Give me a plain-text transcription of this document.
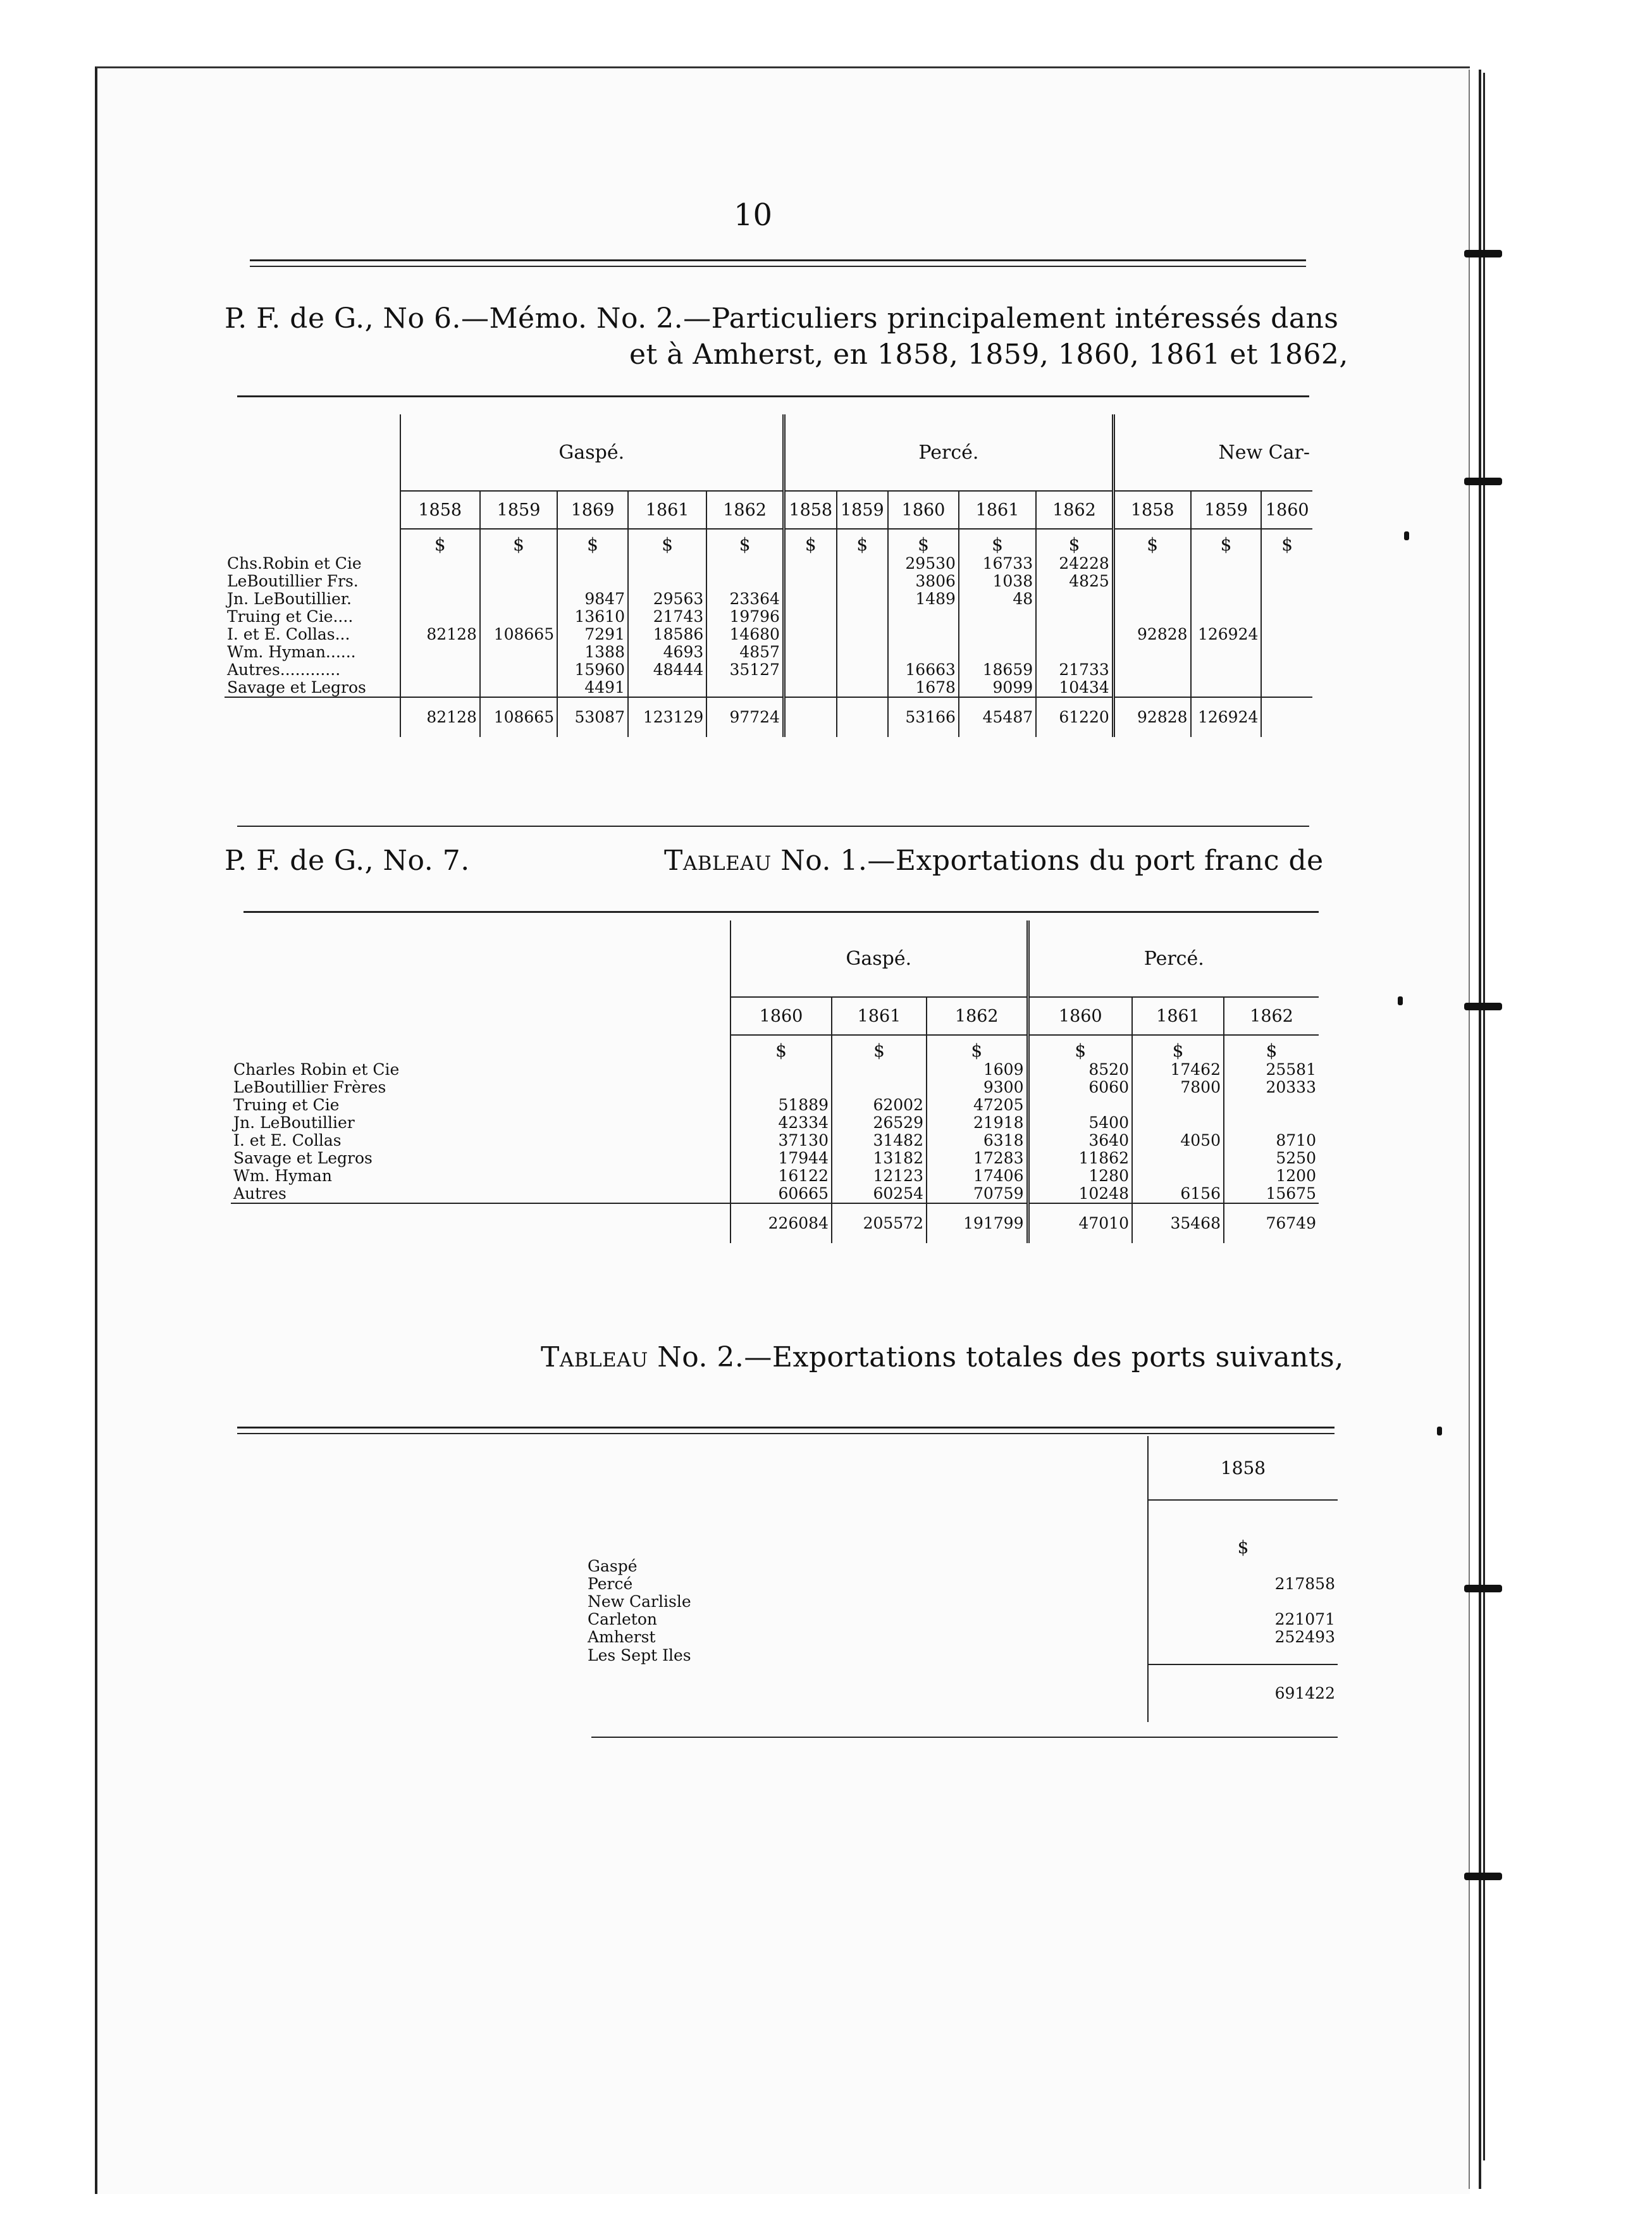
10
P. F. de G., No 6.—Mémo. No. 2.—Particuliers principalement intéressés dans
et à Amherst, en 1858, 1859, 1860, 1861 et 1862,
	Gaspé.					Percé.					New Car-		
	1858	1859	1869	1861	1862	1858	1859	1860	1861	1862	1858	1859	1860
	$	$	$	$	$	$	$	$	$	$	$	$	$
Chs.Robin et Cie								29530	16733	24228			
LeBoutillier Frs.								3806	1038	4825			
Jn. LeBoutillier.			9847	29563	23364			1489	48				
Truing et Cie....			13610	21743	19796								
I. et E. Collas...	82128	108665	7291	18586	14680						92828	126924	
Wm. Hyman......			1388	4693	4857								
Autres............			15960	48444	35127			16663	18659	21733			
Savage et Legros			4491					1678	9099	10434			
	82128	108665	53087	123129	97724			53166	45487	61220	92828	126924	
P. F. de G., No. 7.	Tableau No. 1.—Exportations du port franc de
	Gaspé.			Percé.		
	1860	1861	1862	1860	1861	1862
	$	$	$	$	$	$
Charles Robin et Cie			1609	8520	17462	25581
LeBoutillier Frères			9300	6060	7800	20333
Truing et Cie	51889	62002	47205			
Jn. LeBoutillier	42334	26529	21918	5400		
I. et E. Collas	37130	31482	6318	3640	4050	8710
Savage et Legros	17944	13182	17283	11862		5250
Wm. Hyman	16122	12123	17406	1280		1200
Autres	60665	60254	70759	10248	6156	15675
	226084	205572	191799	47010	35468	76749
Tableau No. 2.—Exportations totales des ports suivants,
	1858
	$
Gaspé	
Percé	217858
New Carlisle	
Carleton	221071
Amherst	252493
Les Sept Iles	
	691422
